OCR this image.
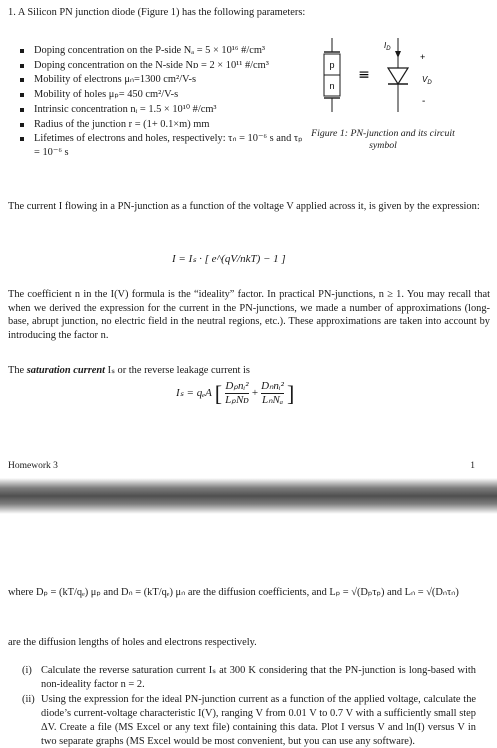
1. A Silicon PN junction diode (Figure 1) has the following parameters:
Doping concentration on the P-side Nₐ = 5 × 10¹⁶ #/cm³
Doping concentration on the N-side Nᴅ = 2 × 10¹¹ #/cm³
Mobility of electrons μₙ=1300 cm²/V-s
Mobility of holes μₚ= 450 cm²/V-s
Intrinsic concentration nᵢ = 1.5 × 10¹⁰ #/cm³
Radius of the junction r = (1+ 0.1×m) mm
Lifetimes of electrons and holes, respectively: τₙ = 10⁻⁶ s and τₚ = 10⁻⁶ s
p
n
≡
$I_D$
+
$V_D$
-
Figure 1: PN-junction and its circuit symbol
The current I flowing in a PN-junction as a function of the voltage V applied across it, is given by the expression:
I = Iₛ · [ e^(qV/nkT) − 1 ]
The coefficient n in the I(V) formula is the “ideality” factor. In practical PN-junctions, n ≥ 1. You may recall that when we derived the expression for the current in the PN-junctions, we made a number of approximations (long-base, abrupt junction, no electric field in the neutral regions, etc.). These approximations are taken into account by introducing the factor n.
The saturation current Iₛ or the reverse leakage current is
Iₛ = qₑA [ Dₚnᵢ²
LₚNᴅ
+
Dₙnᵢ²
LₙNₐ ]
Homework 3	1
where Dₚ = (kT/qₑ) μₚ and Dₙ = (kT/qₑ) μₙ are the diffusion coefficients, and Lₚ = √(Dₚτₚ) and Lₙ = √(Dₙτₙ)
are the diffusion lengths of holes and electrons respectively.
(i) Calculate the reverse saturation current Iₛ at 300 K considering that the PN-junction is long-based with non-ideality factor n = 2.
(ii) Using the expression for the ideal PN-junction current as a function of the applied voltage, calculate the diode’s current-voltage characteristic I(V), ranging V from 0.01 V to 0.7 V with a sufficiently small step ΔV. Create a file (MS Excel or any text file) containing this data. Plot I versus V and ln(I) versus V in two separate graphs (MS Excel would be most convenient, but you can use any software).
